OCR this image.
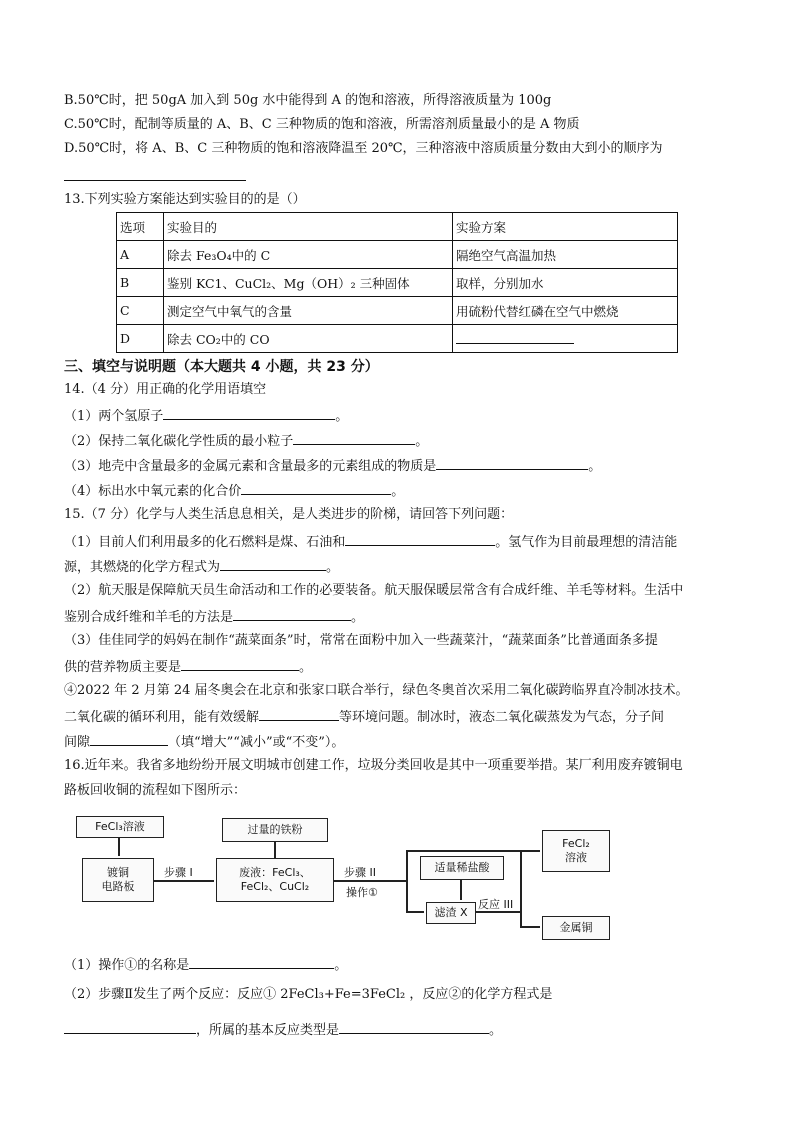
B.50℃时，把 50gA 加入到 50g 水中能得到 A 的饱和溶液，所得溶液质量为 100g
C.50℃时，配制等质量的 A、B、C 三种物质的饱和溶液，所需溶剂质量最小的是 A 物质
D.50℃时，将 A、B、C 三种物质的饱和溶液降温至 20℃，三种溶液中溶质质量分数由大到小的顺序为
13.下列实验方案能达到实验目的的是（）
选项	实验目的	实验方案
A	除去 Fe₃O₄中的 C	隔绝空气高温加热
B	鉴别 KC1、CuCl₂、Mg（OH）₂ 三种固体	取样，分别加水
C	测定空气中氧气的含量	用硫粉代替红磷在空气中燃烧
D	除去 CO₂中的 CO	
三、填空与说明题（本大题共 4 小题，共 23 分）
14.（4 分）用正确的化学用语填空
（1）两个氢原子	。
（2）保持二氧化碳化学性质的最小粒子	。
（3）地壳中含量最多的金属元素和含量最多的元素组成的物质是	。
（4）标出水中氧元素的化合价	。
15.（7 分）化学与人类生活息息相关，是人类进步的阶梯，请回答下列问题：
（1）目前人们利用最多的化石燃料是煤、石油和	。氢气作为目前最理想的清洁能
源，其燃烧的化学方程式为	。
（2）航天服是保障航天员生命活动和工作的必要装备。航天服保暖层常含有合成纤维、羊毛等材料。生活中
鉴别合成纤维和羊毛的方法是	。
（3）佳佳同学的妈妈在制作“蔬菜面条”时，常常在面粉中加入一些蔬菜汁，“蔬菜面条”比普通面条多提
供的营养物质主要是	。
④2022 年 2 月第 24 届冬奥会在北京和张家口联合举行，绿色冬奥首次采用二氧化碳跨临界直冷制冰技术。
二氧化碳的循环利用，能有效缓解	等环境问题。制冰时，液态二氧化碳蒸发为气态，分子间
间隙	（填“增大”“减小”或“不变”）。
16.近年来。我省多地纷纷开展文明城市创建工作，垃圾分类回收是其中一项重要举措。某厂利用废弃镀铜电
路板回收铜的流程如下图所示：
FeCl₃溶液
镀铜
电路板
步骤 I
过量的铁粉
废液：FeCl₃、
FeCl₂、CuCl₂
步骤 II
操作①
适量稀盐酸
滤渣 X
反应 III
FeCl₂
溶液
金属铜
（1）操作①的名称是	。
（2）步骤Ⅱ发生了两个反应：反应① 2FeCl₃+Fe=3FeCl₂ ，反应②的化学方程式是
，所属的基本反应类型是	。
